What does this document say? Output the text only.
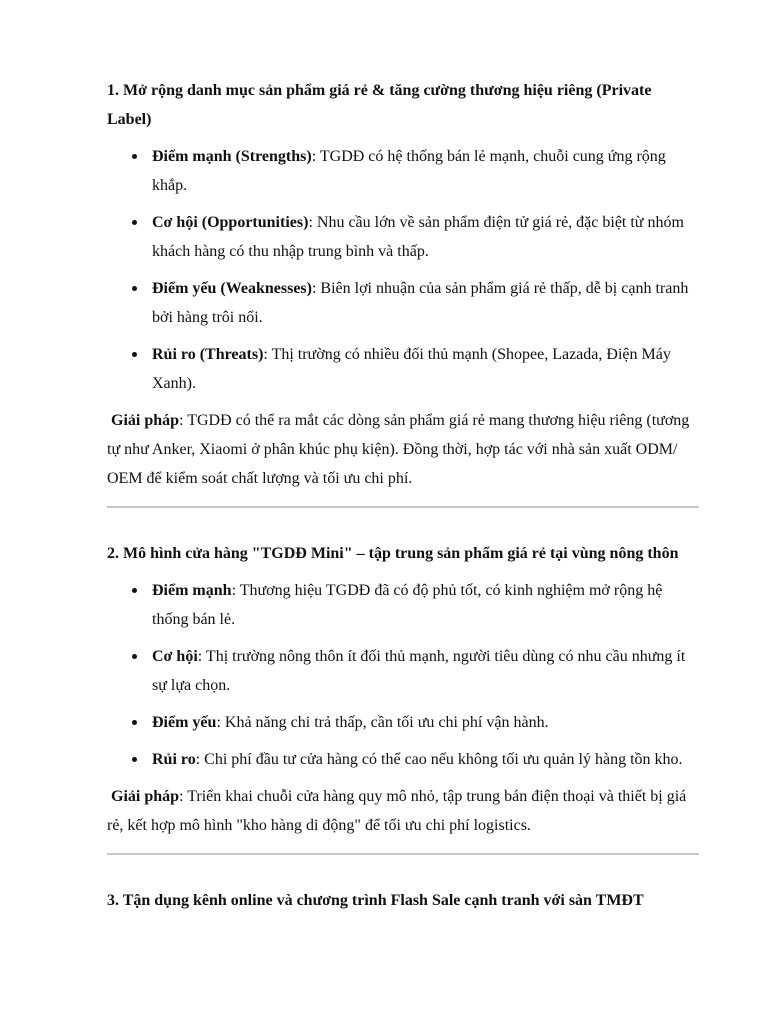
1. Mở rộng danh mục sản phẩm giá rẻ & tăng cường thương hiệu riêng (Private Label)
Điểm mạnh (Strengths): TGDĐ có hệ thống bán lẻ mạnh, chuỗi cung ứng rộng khắp.
Cơ hội (Opportunities): Nhu cầu lớn về sản phẩm điện tử giá rẻ, đặc biệt từ nhóm khách hàng có thu nhập trung bình và thấp.
Điểm yếu (Weaknesses): Biên lợi nhuận của sản phẩm giá rẻ thấp, dễ bị cạnh tranh bởi hàng trôi nổi.
Rủi ro (Threats): Thị trường có nhiều đối thủ mạnh (Shopee, Lazada, Điện Máy Xanh).

Giải pháp: TGDĐ có thể ra mắt các dòng sản phẩm giá rẻ mang thương hiệu riêng (tương tự như Anker, Xiaomi ở phân khúc phụ kiện). Đồng thời, hợp tác với nhà sản xuất ODM/ OEM để kiểm soát chất lượng và tối ưu chi phí.

2. Mô hình cửa hàng "TGDĐ Mini" – tập trung sản phẩm giá rẻ tại vùng nông thôn
Điểm mạnh: Thương hiệu TGDĐ đã có độ phủ tốt, có kinh nghiệm mở rộng hệ thống bán lẻ.
Cơ hội: Thị trường nông thôn ít đối thủ mạnh, người tiêu dùng có nhu cầu nhưng ít sự lựa chọn.
Điểm yếu: Khả năng chi trả thấp, cần tối ưu chi phí vận hành.
Rủi ro: Chi phí đầu tư cửa hàng có thể cao nếu không tối ưu quản lý hàng tồn kho.

Giải pháp: Triển khai chuỗi cửa hàng quy mô nhỏ, tập trung bán điện thoại và thiết bị giá rẻ, kết hợp mô hình "kho hàng di động" để tối ưu chi phí logistics.

3. Tận dụng kênh online và chương trình Flash Sale cạnh tranh với sàn TMĐT
